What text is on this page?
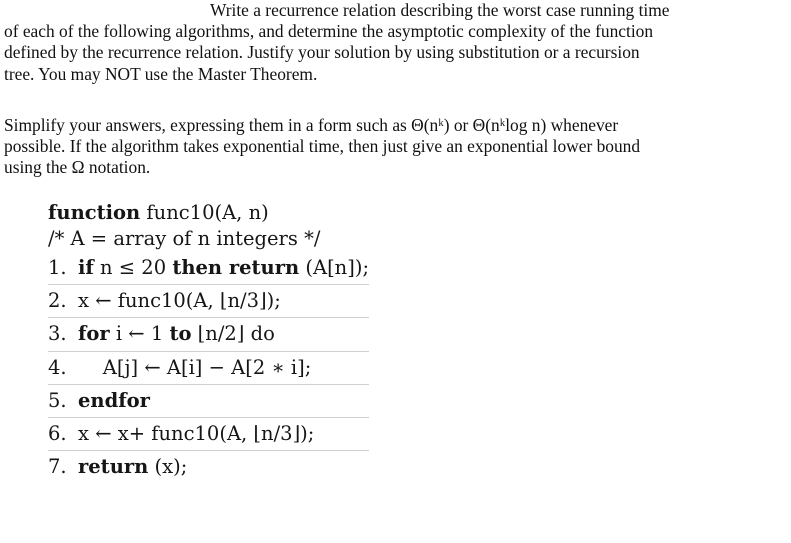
Write a recurrence relation describing the worst case running time
of each of the following algorithms, and determine the asymptotic complexity of the function
defined by the recurrence relation. Justify your solution by using substitution or a recursion
tree. You may NOT use the Master Theorem.
Simplify your answers, expressing them in a form such as Θ(nᵏ) or Θ(nᵏlog n) whenever
possible. If the algorithm takes exponential time, then just give an exponential lower bound
using the Ω notation.
function func10(A, n)
/* A = array of n integers */
1. if n ≤ 20 then return (A[n]);
2. x ← func10(A, ⌊n/3⌋);
3. for i ← 1 to ⌊n/2⌋ do
4.    A[j] ← A[i] − A[2 ∗ i];
5. endfor
6. x ← x+ func10(A, ⌊n/3⌋);
7. return (x);
